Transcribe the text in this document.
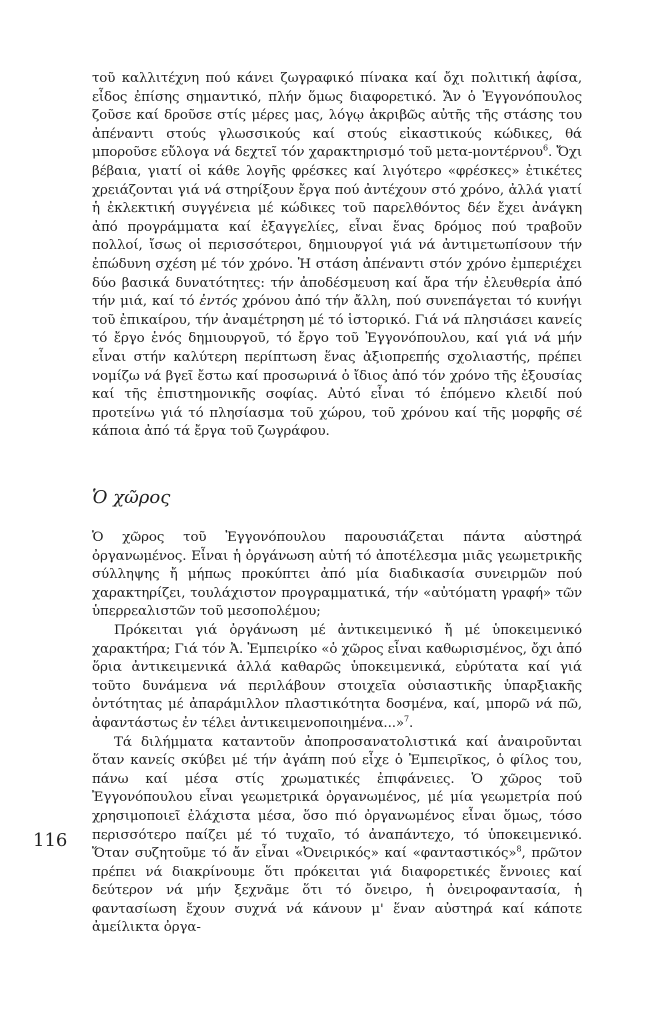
τοῦ καλλιτέχνη πού κάνει ζωγραφικό πίνακα καί ὄχι πολιτική ἀφίσα, εἶδος ἐπίσης σημαντικό, πλήν ὅμως διαφορετικό. Ἄν ὁ Ἐγγονόπουλος ζοῦσε καί δροῦσε στίς μέρες μας, λόγῳ ἀκριβῶς αὐτῆς τῆς στάσης του ἀπέναντι στούς γλωσσικούς καί στούς εἰκαστικούς κώδικες, θά μποροῦσε εὔλογα νά δεχτεῖ τόν χαρακτηρισμό τοῦ μετα-μοντέρνου$^6$. Ὄχι βέβαια, γιατί οἱ κάθε λογῆς φρέσκες καί λιγότερο «φρέσκες» ἐτικέτες χρειάζονται γιά νά στηρίξουν ἔργα πού ἀντέχουν στό χρόνο, ἀλλά γιατί ἡ ἐκλεκτική συγγένεια μέ κώδικες τοῦ παρελθόντος δέν ἔχει ἀνάγκη ἀπό προγράμματα καί ἐξαγγελίες, εἶναι ἕνας δρόμος πού τραβοῦν πολλοί, ἴσως οἱ περισσότεροι, δημιουργοί γιά νά ἀντιμετωπίσουν τήν ἐπώδυνη σχέση μέ τόν χρόνο. Ἡ στάση ἀπέναντι στόν χρόνο ἐμπεριέχει δύο βασικά δυνατότητες: τήν ἀποδέσμευση καί ἄρα τήν ἐλευθερία ἀπό τήν μιά, καί τό ἐντός χρόνου ἀπό τήν ἄλλη, πού συνεπάγεται τό κυνήγι τοῦ ἐπικαίρου, τήν ἀναμέτρηση μέ τό ἱστορικό. Γιά νά πλησιάσει κανείς τό ἔργο ἑνός δημιουργοῦ, τό ἔργο τοῦ Ἐγγονόπουλου, καί γιά νά μήν εἶναι στήν καλύτερη περίπτωση ἕνας ἀξιοπρεπής σχολιαστής, πρέπει νομίζω νά βγεῖ ἔστω καί προσωρινά ὁ ἴδιος ἀπό τόν χρόνο τῆς ἐξουσίας καί τῆς ἐπιστημονικῆς σοφίας. Αὐτό εἶναι τό ἑπόμενο κλειδί πού προτείνω γιά τό πλησίασμα τοῦ χώρου, τοῦ χρόνου καί τῆς μορφῆς σέ κάποια ἀπό τά ἔργα τοῦ ζωγράφου.

Ὁ χῶρος

Ὁ χῶρος τοῦ Ἐγγονόπουλου παρουσιάζεται πάντα αὐστηρά ὀργανωμένος. Εἶναι ἡ ὀργάνωση αὐτή τό ἀποτέλεσμα μιᾶς γεωμετρικῆς σύλληψης ἤ μήπως προκύπτει ἀπό μία διαδικασία συνειρμῶν πού χαρακτηρίζει, τουλάχιστον προγραμματικά, τήν «αὐτόματη γραφή» τῶν ὑπερρεαλιστῶν τοῦ μεσοπολέμου;

Πρόκειται γιά ὀργάνωση μέ ἀντικειμενικό ἤ μέ ὑποκειμενικό χαρακτήρα; Γιά τόν Ἀ. Ἐμπειρίκο «ὁ χῶρος εἶναι καθωρισμένος, ὄχι ἀπό ὅρια ἀντικειμενικά ἀλλά καθαρῶς ὑποκειμενικά, εὐρύτατα καί γιά τοῦτο δυνάμενα νά περιλάβουν στοιχεῖα οὐσιαστικῆς ὑπαρξιακῆς ὀντότητας μέ ἀπαράμιλλον πλαστικότητα δοσμένα, καί, μπορῶ νά πῶ, ἀφαντάστως ἐν τέλει ἀντικειμενοποιημένα...»$^7$.

Τά διλήμματα καταντοῦν ἀποπροσανατολιστικά καί ἀναιροῦνται ὅταν κανείς σκύβει μέ τήν ἀγάπη πού εἶχε ὁ Ἐμπειρῖκος, ὁ φίλος του, πάνω καί μέσα στίς χρωματικές ἐπιφάνειες. Ὁ χῶρος τοῦ Ἐγγονόπουλου εἶναι γεωμετρικά ὀργανωμένος, μέ μία γεωμετρία πού χρησιμοποιεῖ ἐλάχιστα μέσα, ὅσο πιό ὀργανωμένος εἶναι ὅμως, τόσο περισσότερο παίζει μέ τό τυχαῖο, τό ἀναπάντεχο, τό ὑποκειμενικό. Ὅταν συζητοῦμε τό ἄν εἶναι «Ὀνειρικός» καί «φανταστικός»$^8$, πρῶτον πρέπει νά διακρίνουμε ὅτι πρόκειται γιά διαφορετικές ἔννοιες καί δεύτερον νά μήν ξεχνᾶμε ὅτι τό ὄνειρο, ἡ ὀνειροφαντασία, ἡ φαντασίωση ἔχουν συχνά νά κάνουν μ' ἕναν αὐστηρά καί κάποτε ἀμείλικτα ὀργα-

116
